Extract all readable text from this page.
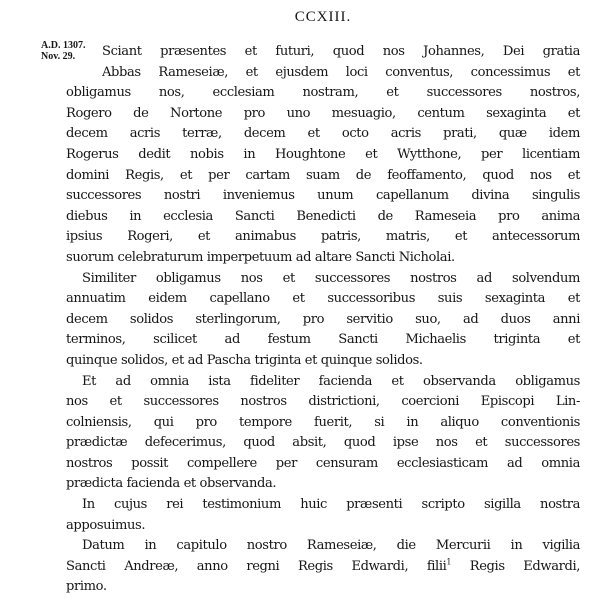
CCXIII.
A.D. 1307.
Nov. 29.	Sciant præsentes et futuri, quod nos Johannes, Dei gratia
Abbas Rameseiæ, et ejusdem loci conventus, concessimus et
obligamus nos, ecclesiam nostram, et successores nostros,
Rogero de Nortone pro uno mesuagio, centum sexaginta et
decem acris terræ, decem et octo acris prati, quæ idem
Rogerus dedit nobis in Houghtone et Wytthone, per licentiam
domini Regis, et per cartam suam de feoffamento, quod nos et
successores nostri inveniemus unum capellanum divina singulis
diebus in ecclesia Sancti Benedicti de Rameseia pro anima
ipsius Rogeri, et animabus patris, matris, et antecessorum
suorum celebraturum imperpetuum ad altare Sancti Nicholai.
Similiter obligamus nos et successores nostros ad solvendum
annuatim eidem capellano et successoribus suis sexaginta et
decem solidos sterlingorum, pro servitio suo, ad duos anni
terminos, scilicet ad festum Sancti Michaelis triginta et
quinque solidos, et ad Pascha triginta et quinque solidos.
Et ad omnia ista fideliter facienda et observanda obligamus
nos et successores nostros districtioni, coercioni Episcopi Lin-
colniensis, qui pro tempore fuerit, si in aliquo conventionis
prædictæ defecerimus, quod absit, quod ipse nos et successores
nostros possit compellere per censuram ecclesiasticam ad omnia
prædicta facienda et observanda.
In cujus rei testimonium huic præsenti scripto sigilla nostra
apposuimus.
Datum in capitulo nostro Rameseiæ, die Mercurii in vigilia
Sancti Andreæ, anno regni Regis Edwardi, filii$^1$ Regis Edwardi,
primo.
